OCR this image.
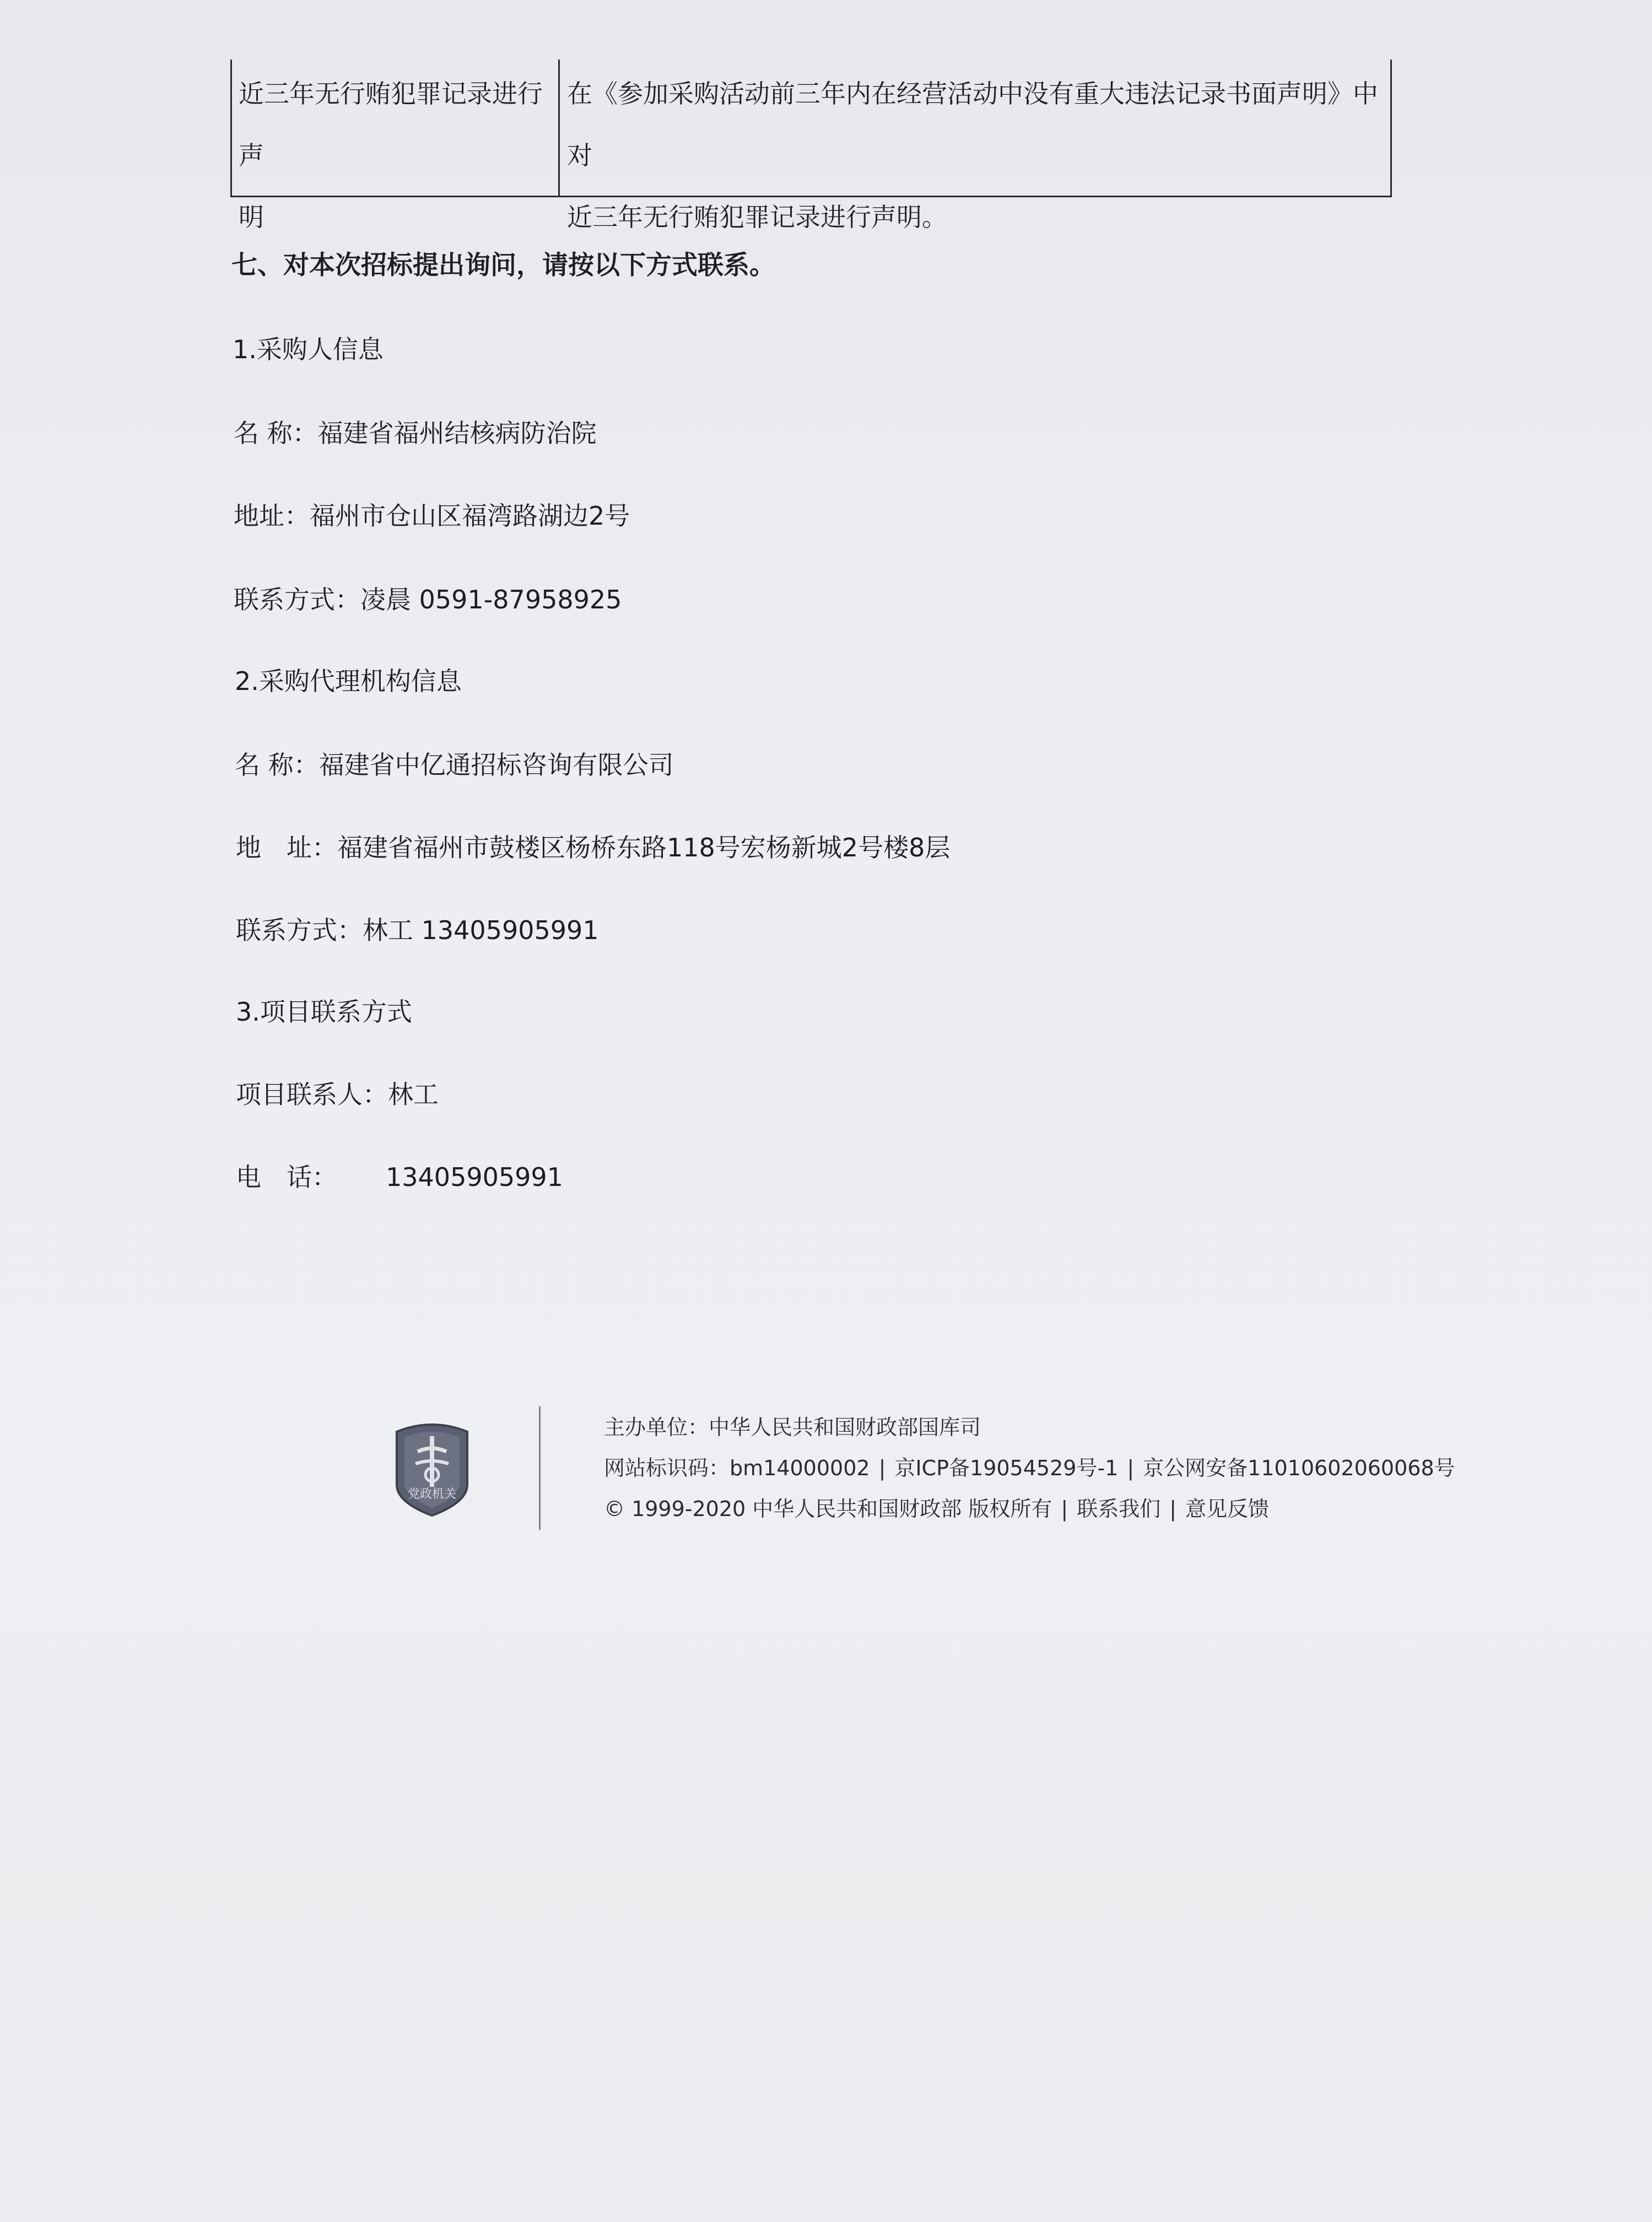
近三年无行贿犯罪记录进行声
明
在《参加采购活动前三年内在经营活动中没有重大违法记录书面声明》中对
近三年无行贿犯罪记录进行声明。
七、对本次招标提出询问，请按以下方式联系。
1.采购人信息
名 称：福建省福州结核病防治院
地址：福州市仓山区福湾路湖边2号
联系方式：凌晨 0591-87958925
2.采购代理机构信息
名 称：福建省中亿通招标咨询有限公司
地　址：福建省福州市鼓楼区杨桥东路118号宏杨新城2号楼8层
联系方式：林工 13405905991
3.项目联系方式
项目联系人：林工
电　话： 13405905991
党政机关
主办单位：中华人民共和国财政部国库司
网站标识码：bm14000002 | 京ICP备19054529号-1 | 京公网安备11010602060068号
© 1999-2020 中华人民共和国财政部 版权所有 | 联系我们 | 意见反馈
